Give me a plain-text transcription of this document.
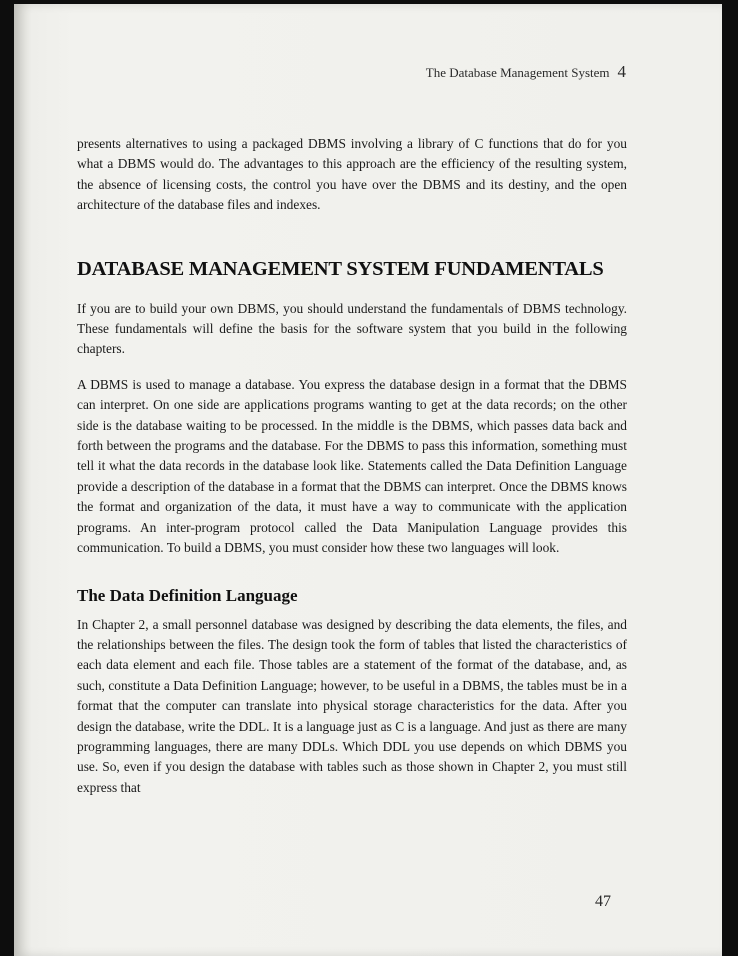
The Database Management System 4

presents alternatives to using a packaged DBMS involving a library of C functions that do for you what a DBMS would do. The advantages to this approach are the efficiency of the resulting system, the absence of licensing costs, the control you have over the DBMS and its destiny, and the open architecture of the database files and indexes.

DATABASE MANAGEMENT SYSTEM FUNDAMENTALS

If you are to build your own DBMS, you should understand the fundamentals of DBMS technology. These fundamentals will define the basis for the software system that you build in the following chapters.

A DBMS is used to manage a database. You express the database design in a format that the DBMS can interpret. On one side are applications programs wanting to get at the data records; on the other side is the database waiting to be processed. In the middle is the DBMS, which passes data back and forth between the programs and the database. For the DBMS to pass this information, something must tell it what the data records in the database look like. Statements called the Data Definition Language provide a description of the database in a format that the DBMS can interpret. Once the DBMS knows the format and organization of the data, it must have a way to communicate with the application programs. An inter-program protocol called the Data Manipulation Language provides this communication. To build a DBMS, you must consider how these two languages will look.

The Data Definition Language

In Chapter 2, a small personnel database was designed by describing the data elements, the files, and the relationships between the files. The design took the form of tables that listed the characteristics of each data element and each file. Those tables are a statement of the format of the database, and, as such, constitute a Data Definition Language; however, to be useful in a DBMS, the tables must be in a format that the computer can translate into physical storage characteristics for the data. After you design the database, write the DDL. It is a language just as C is a language. And just as there are many programming languages, there are many DDLs. Which DDL you use depends on which DBMS you use. So, even if you design the database with tables such as those shown in Chapter 2, you must still express that

47
